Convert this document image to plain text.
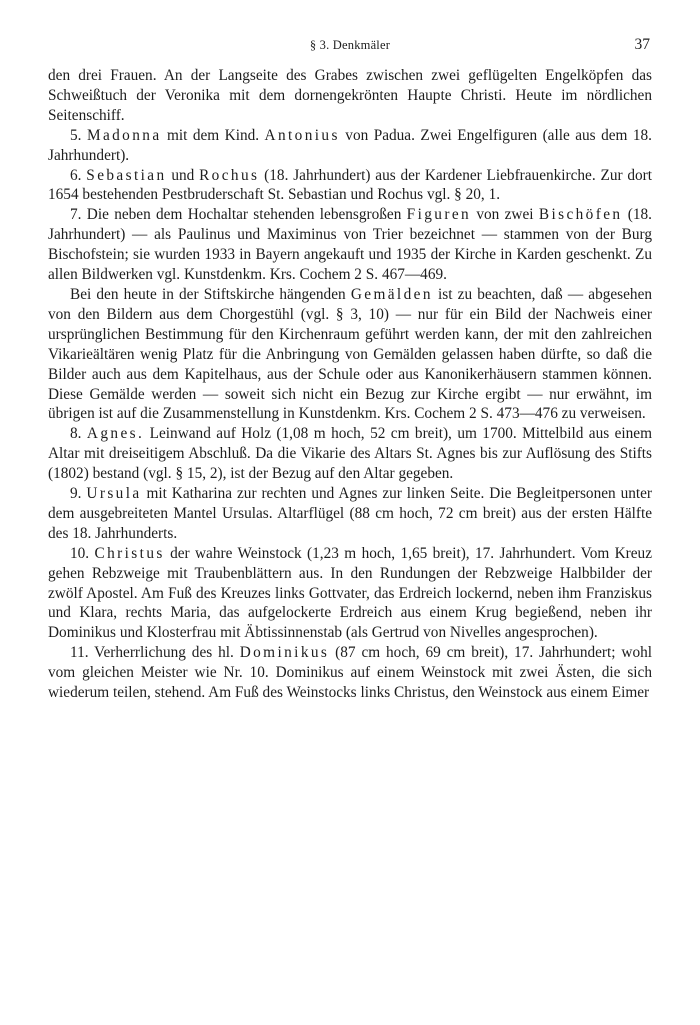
§ 3. Denkmäler	37

den drei Frauen. An der Langseite des Grabes zwischen zwei geflügelten Engelköpfen das Schweißtuch der Veronika mit dem dornengekrönten Haupte Christi. Heute im nördlichen Seitenschiff.

5. Madonna mit dem Kind. Antonius von Padua. Zwei Engelfiguren (alle aus dem 18. Jahrhundert).

6. Sebastian und Rochus (18. Jahrhundert) aus der Kardener Liebfrauenkirche. Zur dort 1654 bestehenden Pestbruderschaft St. Sebastian und Rochus vgl. § 20, 1.

7. Die neben dem Hochaltar stehenden lebensgroßen Figuren von zwei Bischöfen (18. Jahrhundert) — als Paulinus und Maximinus von Trier bezeichnet — stammen von der Burg Bischofstein; sie wurden 1933 in Bayern angekauft und 1935 der Kirche in Karden geschenkt. Zu allen Bildwerken vgl. Kunstdenkm. Krs. Cochem 2 S. 467—469.

Bei den heute in der Stiftskirche hängenden Gemälden ist zu beachten, daß — abgesehen von den Bildern aus dem Chorgestühl (vgl. § 3, 10) — nur für ein Bild der Nachweis einer ursprünglichen Bestimmung für den Kirchenraum geführt werden kann, der mit den zahlreichen Vikarieältären wenig Platz für die Anbringung von Gemälden gelassen haben dürfte, so daß die Bilder auch aus dem Kapitelhaus, aus der Schule oder aus Kanonikerhäusern stammen können. Diese Gemälde werden — soweit sich nicht ein Bezug zur Kirche ergibt — nur erwähnt, im übrigen ist auf die Zusammenstellung in Kunstdenkm. Krs. Cochem 2 S. 473—476 zu verweisen.

8. Agnes. Leinwand auf Holz (1,08 m hoch, 52 cm breit), um 1700. Mittelbild aus einem Altar mit dreiseitigem Abschluß. Da die Vikarie des Altars St. Agnes bis zur Auflösung des Stifts (1802) bestand (vgl. § 15, 2), ist der Bezug auf den Altar gegeben.

9. Ursula mit Katharina zur rechten und Agnes zur linken Seite. Die Begleitpersonen unter dem ausgebreiteten Mantel Ursulas. Altarflügel (88 cm hoch, 72 cm breit) aus der ersten Hälfte des 18. Jahrhunderts.

10. Christus der wahre Weinstock (1,23 m hoch, 1,65 breit), 17. Jahrhundert. Vom Kreuz gehen Rebzweige mit Traubenblättern aus. In den Rundungen der Rebzweige Halbbilder der zwölf Apostel. Am Fuß des Kreuzes links Gottvater, das Erdreich lockernd, neben ihm Franziskus und Klara, rechts Maria, das aufgelockerte Erdreich aus einem Krug begießend, neben ihr Dominikus und Klosterfrau mit Äbtissinnenstab (als Gertrud von Nivelles angesprochen).

11. Verherrlichung des hl. Dominikus (87 cm hoch, 69 cm breit), 17. Jahrhundert; wohl vom gleichen Meister wie Nr. 10. Dominikus auf einem Weinstock mit zwei Ästen, die sich wiederum teilen, stehend. Am Fuß des Weinstocks links Christus, den Weinstock aus einem Eimer
